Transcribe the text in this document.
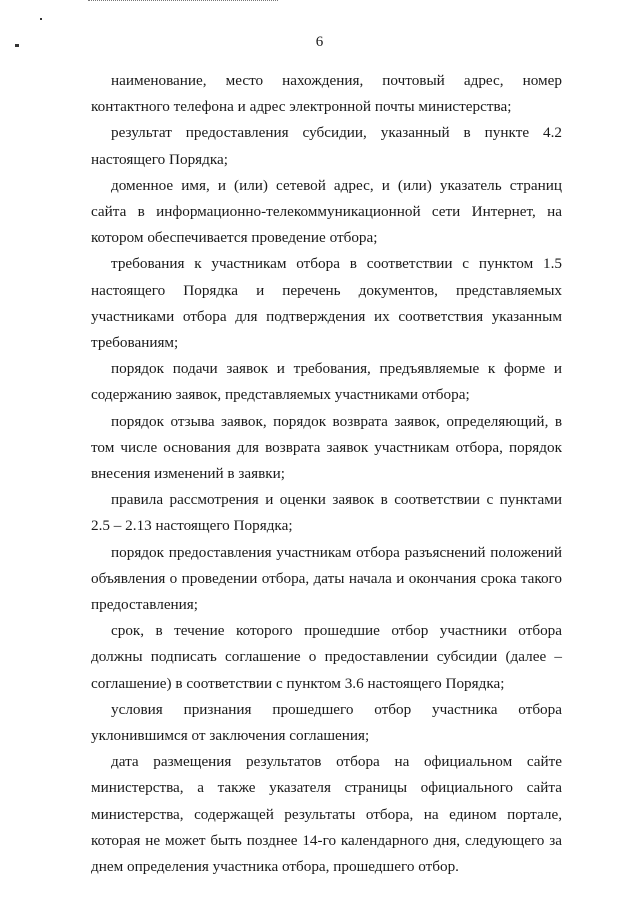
6

наименование, место нахождения, почтовый адрес, номер контактного телефона и адрес электронной почты министерства;

результат предоставления субсидии, указанный в пункте 4.2 настоящего Порядка;

доменное имя, и (или) сетевой адрес, и (или) указатель страниц сайта в информационно-телекоммуникационной сети Интернет, на котором обеспечивается проведение отбора;

требования к участникам отбора в соответствии с пунктом 1.5 настоящего Порядка и перечень документов, представляемых участниками отбора для подтверждения их соответствия указанным требованиям;

порядок подачи заявок и требования, предъявляемые к форме и содержанию заявок, представляемых участниками отбора;

порядок отзыва заявок, порядок возврата заявок, определяющий, в том числе основания для возврата заявок участникам отбора, порядок внесения изменений в заявки;

правила рассмотрения и оценки заявок в соответствии с пунктами 2.5 – 2.13 настоящего Порядка;

порядок предоставления участникам отбора разъяснений положений объявления о проведении отбора, даты начала и окончания срока такого предоставления;

срок, в течение которого прошедшие отбор участники отбора должны подписать соглашение о предоставлении субсидии (далее – соглашение) в соответствии с пунктом 3.6 настоящего Порядка;

условия признания прошедшего отбор участника отбора уклонившимся от заключения соглашения;

дата размещения результатов отбора на официальном сайте министерства, а также указателя страницы официального сайта министерства, содержащей результаты отбора, на едином портале, которая не может быть позднее 14-го календарного дня, следующего за днем определения участника отбора, прошедшего отбор.
